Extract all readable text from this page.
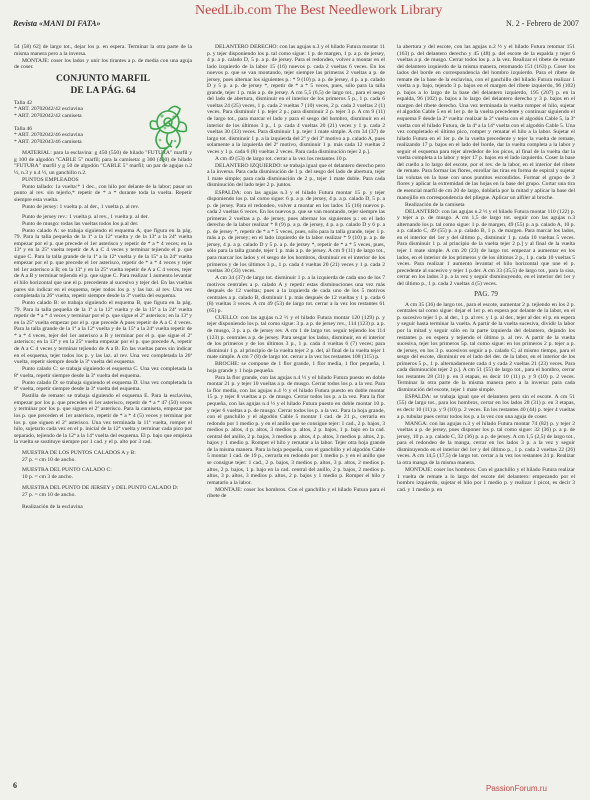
NeedLib.com The Best Needlework Library
Revista «MANI DI FATA»	N. 2 - Febrero de 2007

54 (58) 62] de largo tot., dejar los p. en espera. Terminar la otra parte de la misma manera pero a la inversa.

MONTAJE: coser los lados y unir los tirantes a p. de media con una aguja de coser.

CONJUNTO MARFIL
DE LA PÁG. 64
Talla 42
* ART. 20702042/42 esclavina
* ART. 20702042/42 camiseta
Talla 46
* ART. 20702042/46 esclavina
* ART. 20702043/46 camiseta

MATERIAL: para la esclavina: g 450 (550) de hilado "FUTURA" marfil y g 100 de algodón "CABLE 5" marfil; para la camiseta: g 300 (400) de hilado "FUTURA" marfil y g 50 de algodón "CABLE 5" marfil; un par de agujas n.2 ½, n.3 y n.4 ½, un ganchillo n.2.

PUNTOS EMPLEADOS

Punto tallado: 1a vuelta:* 1 dec., con hilo por delante de la labor; pasar un punto al rev. sin tejerlo,* repetir de * a * durante toda la vuelta. Repetir siempre esta vuelta.

Punto de jersey: 1 vuelta p. al der., 1 vuelta p. al rev.

Punto de jersey rev.: 1 vuelta p. al rev., 1 vuelta p. al der.

Punto de musgo: todas las vueltas todos los p.al der.

Punto calado A: se trabaja siguiendo el esquema A, que figura en la pág. 79. Para la talla pequeña de la 1ª a la 12ª vuelta y de la 13ª a la 24ª vuelta empezar por el p. que precede el 1er asterisco y repetir de * a * 4 veces; en la 13ª y en la 25ª vuelta repetir de A a C 4 veces y terminar tejiendo el p. que sigue C. Para la talla grande de la 1ª a la 12ª vuelta y de la 15ª a la 24ª vuelta empezar por el p. que precede el 1er asterisco, repetir de * a * 4 veces y tejer tel 1er asterisco a B; en la 13ª y en la 25ª vuelta repetir de A a C 4 veces, tejer de A a B y terminar tejiendo el p. que sigue C. Para realizar 1 aumento levantar el hilo horizontal que une el p. precedente al sucesivo y tejer del. En las vueltas pares sin indicar en el esquema, tejer todos los p. y las laz. al rev. Una vez completada la 26ª vuelta, repetir siempre desde la 3ª vuelta del esquema.

Punto calado B: se trabaja siguiendo el esquema B, que figura en la pág. 79. Para la talla pequeña de la 1ª a la 12ª vuelta y de la 15ª a la 24ª vuelta repetir de * a * 4 veces y terminar por el p. que sigue el 2º asterisco; en la 13ª y en la 25ª vuelta empezar por el p. que precede A pues repetir de A a C 4 veces. Para la talla grande de la 1ª a la 12ª vuelta y de la 15ª a la 24ª vuelta repetir de * a * 4 veces, tejer del 1er asterisco a B y terminar por el p. que sigue el 2º asterisco; en la 13ª y en la 25ª vuelta empezar por el p. que precede A, repetir de A a C 4 veces y terminar tejiendo de A a B. En las vueltas pares sin indicar en el esquema, tejer todos los p. y las laz. al rev. Una vez completada la 26ª vuelta, repetir siempre desde la 3ª vuelta del esquema.

Punto calado C: se trabaja siguiendo el esquema C. Una vez completada la 8ª vuelta, repetir siempre desde la 3ª vuelta del esquema.

Punto calado D: se trabaja siguiendo el esquema D. Una vez completada la 8ª vuelta, repetir siempre desde la 3ª vuelta del esquema.

Pastilla de remate: se trabaja siguiendo el esquema E. Para la esclavina, empezar por los p. que preceden el 1er asterisco, repetir de * a * 47 (50) veces y terminar por los p. que siguen el 2º asterisco. Para la camiseta, empezar por los p. que preceden el 1er asterisco, repetir de * a * 4 (5) veces y terminar por los p. que siguen el 2º asterisco. Una vez terminada la 11ª vuelta, romper el hilo, sujetarlo cada vez en el p. inicial de la 12ª vuelta y terminar cada pico por separado, tejiendo de la 12ª a la 14ª vuelta del esquema. El p. bajo que empieza la vuelta se sustituye siempre por 1 cad. y el p. alto por 3 cad.

MUESTRA DE LOS PUNTOS CALADOS A y B:

27 p. = cm 10 de ancho.

MUESTRA DEL PUNTO CALADO C:

10 p. = cm 3 de ancho.

MUESTRA DEL PUNTO DE JERSEY y DEL PUNTO CALADO D:

27 p. = cm 10 de ancho.

Realización de la esclavina

DELANTERO DERECHO: con las agujas n.3 y el hilado Futura montar 11 p. y tejer disponiendo los p. tal como sigue: 1 p. de margen, 1 p. a p. de jersey, 4 p. a p. calado D, 5 p. a p. de jersey. Para el redondeo, volver a montar en el lado izquierdo de la labor 15 (16) nuevos p. cada 2 vueltas 6 veces. En los nuevos p. que se van montando, tejer siempre las primeras 2 vueltas a p. de jersey, pues alternar los siguientes p.: * 9 (10) p. a p. de jersey, 4 p. a p. calado D y 5 p. a p. de jersey *, repetir de * a * 5 veces, pues, sólo para la talla grande, tejer 1 p. más a p. de jersey. A cm 5,5 (6,5) de largo tot., para el sesgo del lado de abertura, disminuir en el interior de los primeros 5 p., 1 p. cada 6 vueltas 24 (25) veces, 1 p. cada 2 vueltas 7 (10) veces, 2 p. cada 2 vueltas 2 (1) veces. Para disminuir 1 p. tejer 2 p.; para disminuir 2 p. tejer 3 p. A cm 9 (11) de largo tot., para marcar el lado y para el sesgo del hombro, disminuir en el interior de los últimos 3 p., 1 p. cada 4 vueltas 20 (21) veces y 1 p. cada 2 vueltas 30 (33) veces. Para disminuir 1 p. tejer 1 mate simple. A cm 34 (37) de largo tot. disminuir 1 p. a la izquierda del 2º y del 3º motivo a p. calado A, pues solamente a la izquierda del 2º motivo, disminuir 1 p. más cada 12 vueltas 2 veces y 1 p. cada 6 (8) vueltas 2 veces. Para cada disminución tejer 2 p.].

A cm 49 (53) de largo tot. cerrar a la vez los restantes 10 p.

DELANTERO IZQUIERDO: se trabaja igual que el delantero derecho pero a la inversa. Para cada disminución de 1 p. del sesgo del lado de abertura, tejer 1 mate simple; para cada disminución de 2 p., tejer 1 mate doble. Para cada disminución del lado tejer 2 p. juntos.

ESPALDA: con las agujas n.3 y el hilado Futura montar 15 p. y tejer disponiendo los p. tal como sigue: 6 p. a p. de jersey, 4 p. a p. calado D, 5 p. a p. de jersey. Para el redondeo, volver a montar en los lados 15 (16) nuevos p. cada 2 vueltas 6 veces. En los nuevos p. que se van montando, tejer siempre las primeras 2 vueltas a p. de jersey, pues alternar los siguientes p.: en el lado derecho de la labor realizar * 8 (9) p. a p. de jersey, 4 p. a p. calado D y 6 p. a p. de jersey *, repetir de * a * 5 veces, pues, sólo para la talla grande, tejer 1 p. más a p. de jersey; en el lado izquierdo de la labor realizar * 9 (10) p. a p. de jersey, 4 p. a p. calado D y 5 p. a p. de jersey *, repetir de * a * 5 veces, pues, sólo para la talla grande, tejer 1 p. más a p. de jersey. A cm 9 (11) de largo tot., para marcar los lados y el sesgo de los hombros, disminuir en el interior de los primeros y de los últimos 3 p., 1 p. cada 4 vueltas 20 (21) veces y 1 p. cada 2 vueltas 30 (33) veces.

A cm 34 (37) de largo tot. disminuir 1 p. a la izquierda de cada uno de los 7 motivos centrales a p. calado A y repetir estas disminuciones una vez más después de 12 vueltas; pues a la izquierda de cada uno de los 5 motivos centrales a p. calado B, disminuir 1 p. más después de 12 vueltas y 1 p. cada 6 (8) vueltas 3 veces. A cm 49 (53) de largo tot. cerrar a la vez los restantes 61 (65) p.

CUELLO: con las agujas n.2 ½ y el hilado Futura montar 120 (129) p. y tejer disponiendo los p. tal como sigue: 3 p. a p. de jersey rev., 114 (123) p. a p. de musgo, 3 p. a p. de jersey rev. A cm 1 de largo tot. seguir tejiendo los 114 (123) p. centrales a p. de jersey. Para sesgar los lados, disminuir, en el interior de los primeros y de los últimos 3 p., 1 p. cada 4 vueltas 6 (7) veces; para disminuir 1 p. al principio de la vuelta tejer 2 p. del, al final de la vuelta tejer 1 mate simple. A cm 7 (8) de largo tot. cerrar a la vez los restantes 108 (115) p.

BROCHE: se compone de 1 flor grande, 1 flor media, 1 flor pequeña, 1 hoja grande y 1 hoja pequeña.

Para la flor grande, con las agujas n.4 ½ y el hilado Futura puesto en doble montar 21 p. y tejer 10 vueltas a p. de musgo. Cerrar todos los p. a la vez. Para la flor media, con las agujas n.4 ½ y el hilado Futura puesto en doble montar 15 p. y tejer 8 vueltas a p. de musgo. Cerrar todos los p. a la vez. Para la flor pequeña, con las agujas n.4 ½ y el hilado Futura puesto en doble montar 10 p. y tejer 6 vueltas a p. de musgo. Cerrar todos los p. a la vez. Para la hoja grande, con el ganchillo y el algodón Cable 5 montar 1 cad. de 21 p., cerrarla en redondo por 1 medio p. y en el anillo que se consigue tejer: 1 cad., 2 p. bajos, 3 medios p. altos, 4 p. altos, 3 medios p. altos, 2 p. bajos, 1 p. bajo en la cad. central del anillo, 2 p. bajos, 3 medios p. altos, 4 p. altos, 3 medios p. altos, 2 p. bajos y 1 medio p. Romper el hilo y rematar a la labor. Tejer otra hoja grande de la misma manera. Para la hoja pequeña, con el ganchillo y el algodón Cable 5 montar 1 cad. de 19 p., cerrarla en redondo por 1 medio p. y en el anillo que se consigue tejer: 1 cad., 2 p. bajos, 3 medios p. altos, 3 p. altos, 2 medios p. altos, 2 p. bajos, 1 p. bajo en la cad. central del anillo, 2 p. bajos, 2 medios p. altos, 3 p. altos, 3 medios p. altos, 2 p. bajos y 1 medio p. Romper el hilo y rematarlo a la labor.

MONTAJE: coser los hombros. Con el ganchillo y el hilado Futura para el ribete de

la abertura y del escote, con las agujas n.2 ½ y el hilado Futura retomar 151 (163) p. del delantero derecho y 45 (48) p. del escote de la espalda y tejer 6 vueltas a p. de musgo. Cerrar todos los p. a la vez. Realizar el ribete de remate del delantero izquierdo de la misma manera, retomando 151 (163) p. Coser los lados del borde en correspondencia del hombro izquierdo. Para el ribete de remate de la base de la esclavina, con el ganchillo del hilado Futura realizar 1 vuelta a p. bajo, tejendo 3 p. bajos en el margen del ribete izquierdo, 96 (102) p. bajos a lo largo de la base del delantero izquierdo, 195 (207) p. en la espalda, 96 (102) p. bajos a lo largo del delantero derecho y 3 p. bajos en el margen del ribete derecho. Una vez terminada la vuelta romper el hilo, sujetar el algodón Cable 5 en el 1er p. de la vuelta precedente y continuar siguiendo el esquema F desde la 2ª vuelta: realizar la 2ª vuelta con el algodón Cable 5, la 3ª vuelta con el hilado Futura, de la 4ª a la 14ª vuelta con el algodón Cable 5. Una vez completado el último pico, romper y rematar el hilo a la labor. Sujetar el hilado Futura en el 1er p. de la vuelta precedente y tejer la vuelta de remate, realizando 17 p. bajos en el lado del borde, dar la vuelta completa a la labor y seguir el esquema para tejer alrededor de los picos, al final de la vuelta dar la vuelta completa a la labor y tejer 17 p. bajos en el lado izquierdo. Coser la base del cuello a lo largo del escote, por el rev. de la labor, en el interior del ribete de remate. Para formar las flores, enrollar las tiras en forma de espiral y sujetar las volutas en la base con unos puntitos escondidos. Formar el grupo de 3 flores y aplicar la extremidad de las hojas en la base del grupo. Cortar una tira de esencial marfil de cm 20 de largo, doblarla por la mitad y aplicar la base del manojillo en correspondencia del pliegue. Aplicar un alfiler al broche.

Realización de la camiseta

DELANTERO: con las agujas n.2 ½ y el hilado Futura montar 110 (122) p. y tejer a p. de musgo. A cm 1,5 de largo tot. seguir con las agujas n.3 alternando los p. tal como sigue: 1 p. de margen, 49 (55) p. a p. calado A, 10 p. a p. calado C, 49 (55) p. a p. calado B, 1 p. de margen. Para marcar los lados, en el interior del 1er y del último p., disminuir 1 p. cada 10 vueltas 5 veces. Para disminuir 1 p. al principio de la vuelta tejer 2 p.] y al final de la vuelta tejer 1 mate simple. A cm 20 (23) de largo tot. empezar a aumentar en los lados, en el interior de los primeros y de los últimos 2 p., 1 p. cada 10 vueltas 5 veces. Para realizar 1 aumento levantar el hilo horizontal que une el p. precedente al sucesivo y tejer 1 p.der. A cm 33 (35,5) de largo tot., para la sisa, cerrar en los lados 3 p. a la vez y seguir disminuyendo, en el interior del 1er y del último p., 1 p. cada 2 vueltas 4 (5) veces.

PAG. 79

A cm 35 (36) de largo tot., para el escote, aumentar 2 p. tejiendo en los 2 p. centrales tal como sigue: dejar el 1er p. en espera por delante de la labor, en el p. sucesivo tejer 1 p. al der., 1 p. al rev. y 1 p. al der., tejer al der. el p. en espera y seguir hasta terminar la vuelta. A partir de la vuelta sucesiva, dividir la labor por la mitad y seguir sólo en la parte izquierda del delantero, dejando los restantes p. en espera y tejiendo el último p. al rev. A partir de la vuelta sucesiva, tejer los primeros 5p. tal como sigue: en los primeros 2 p. tejer a p. de jersey, en los 3 p. sucesivos seguir a p. calado C; al mismo tiempo, para el sesgo del escote, disminuir en el lado del der. de la labor, en el interior de los primeros 5 p., 1 p. alternadamente cada 4 y cada 2 vueltas 21 (23) veces. Para cada disminución tejer 2 p.]. A cm 51 (55) de largo tot., para el hombro, cerrar los restantes 28 (31) p. en 3 etapas, es decir 10 (11) p. y 9 (10) p. 2 veces. Terminar la otra parte de la misma manera pero a la inversa: para cada disminución del escote, tejer 1 mate simple.

ESPALDA: se trabaja igual que el delantero pero sin el escote. A cm 51 (55) de largo tot., para los hombros, cerrar en los lados 28 (31) p. en 3 etapas, es decir 10 (11) p. y 9 (10) p. 2 veces. En los restantes 40 (44) p. tejer 4 vueltas a p. tubular pues cerrar todos los p. a la vez con una aguja de coser.

MANGA: con las agujas n.3 y el hilado Futura montar 74 (82) p. y tejer 2 vueltas a p. de jersey, pues disponer los p. tal como sigue: 32 (36) p. a p. de jersey, 10 p. a p. calado C, 32 (36) p. a p. de jersey. A cm 1,5 (2,5) de largo tot., para el redondeo de la manga, cerrar en los lados 3 p. a la vez y seguir disminuyendo en el interior del 1er y del último p., 1 p. cada 2 vueltas 22 (26) veces. A cm 14,5 (17,5) de largo tot. cerrar a la vez los restantes 24 p. Realizar la otra manga de la misma manera.

MONTAJE: coser los hombros. Con el ganchillo y el hilado Futura realizar 1 vuelta de remate a lo largo del escote del delantero: empezando por el hombro izquierdo, sujetar el hilo por 1 medio p. y realizar 1 picot, es decir 3 cad. y 1 medio p. en

6	PassionForum.ru
